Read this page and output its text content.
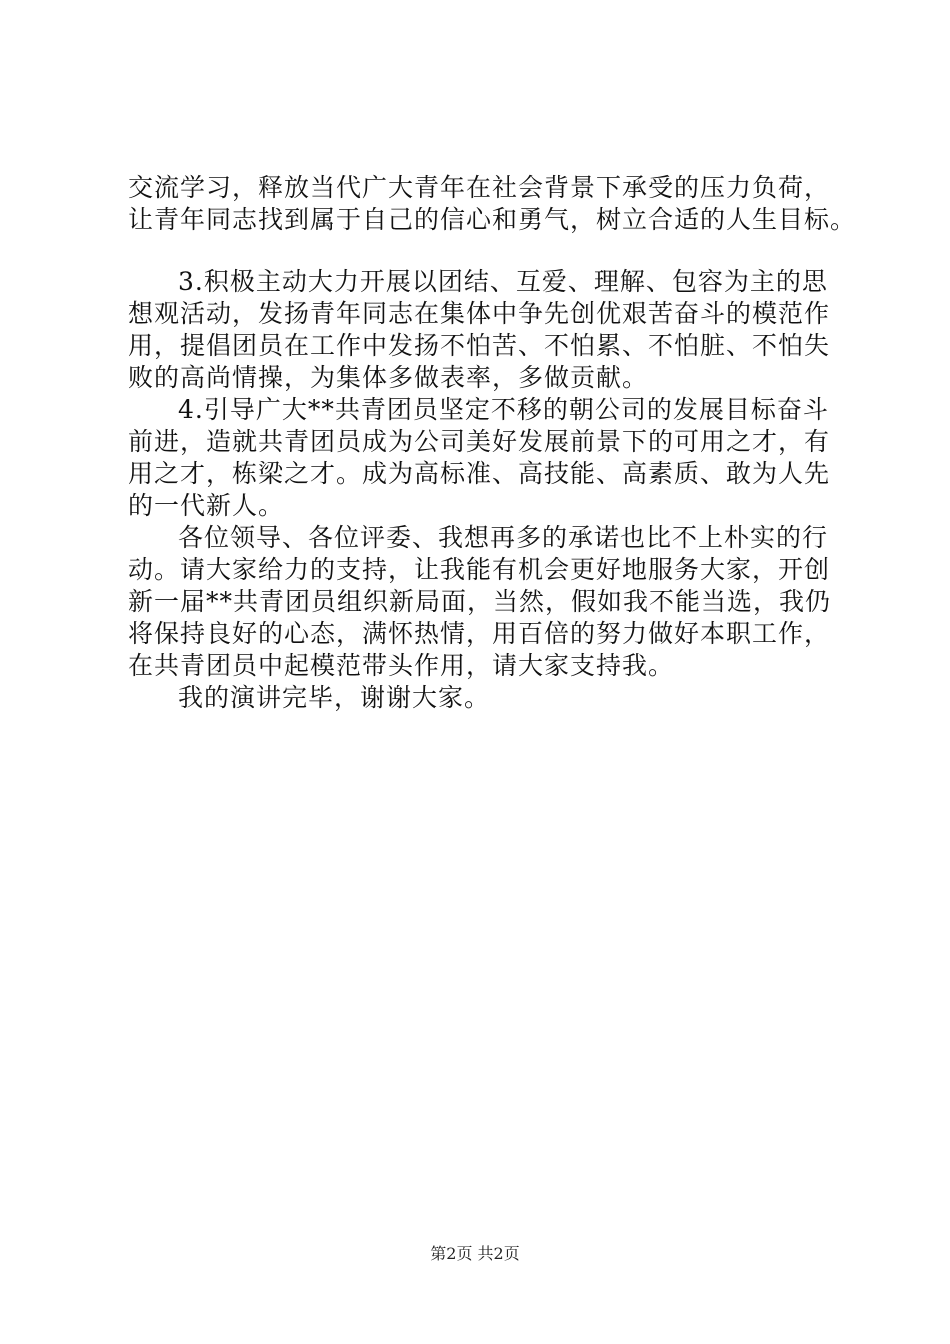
交流学习，释放当代广大青年在社会背景下承受的压力负荷，
让青年同志找到属于自己的信心和勇气，树立合适的人生目标。
3.积极主动大力开展以团结、互爱、理解、包容为主的思
想观活动，发扬青年同志在集体中争先创优艰苦奋斗的模范作
用，提倡团员在工作中发扬不怕苦、不怕累、不怕脏、不怕失
败的高尚情操，为集体多做表率，多做贡献。
4.引导广大**共青团员坚定不移的朝公司的发展目标奋斗
前进，造就共青团员成为公司美好发展前景下的可用之才，有
用之才，栋梁之才。成为高标准、高技能、高素质、敢为人先
的一代新人。
各位领导、各位评委、我想再多的承诺也比不上朴实的行
动。请大家给力的支持，让我能有机会更好地服务大家，开创
新一届**共青团员组织新局面，当然，假如我不能当选，我仍
将保持良好的心态，满怀热情，用百倍的努力做好本职工作，
在共青团员中起模范带头作用，请大家支持我。
我的演讲完毕，谢谢大家。
第2页 共2页
